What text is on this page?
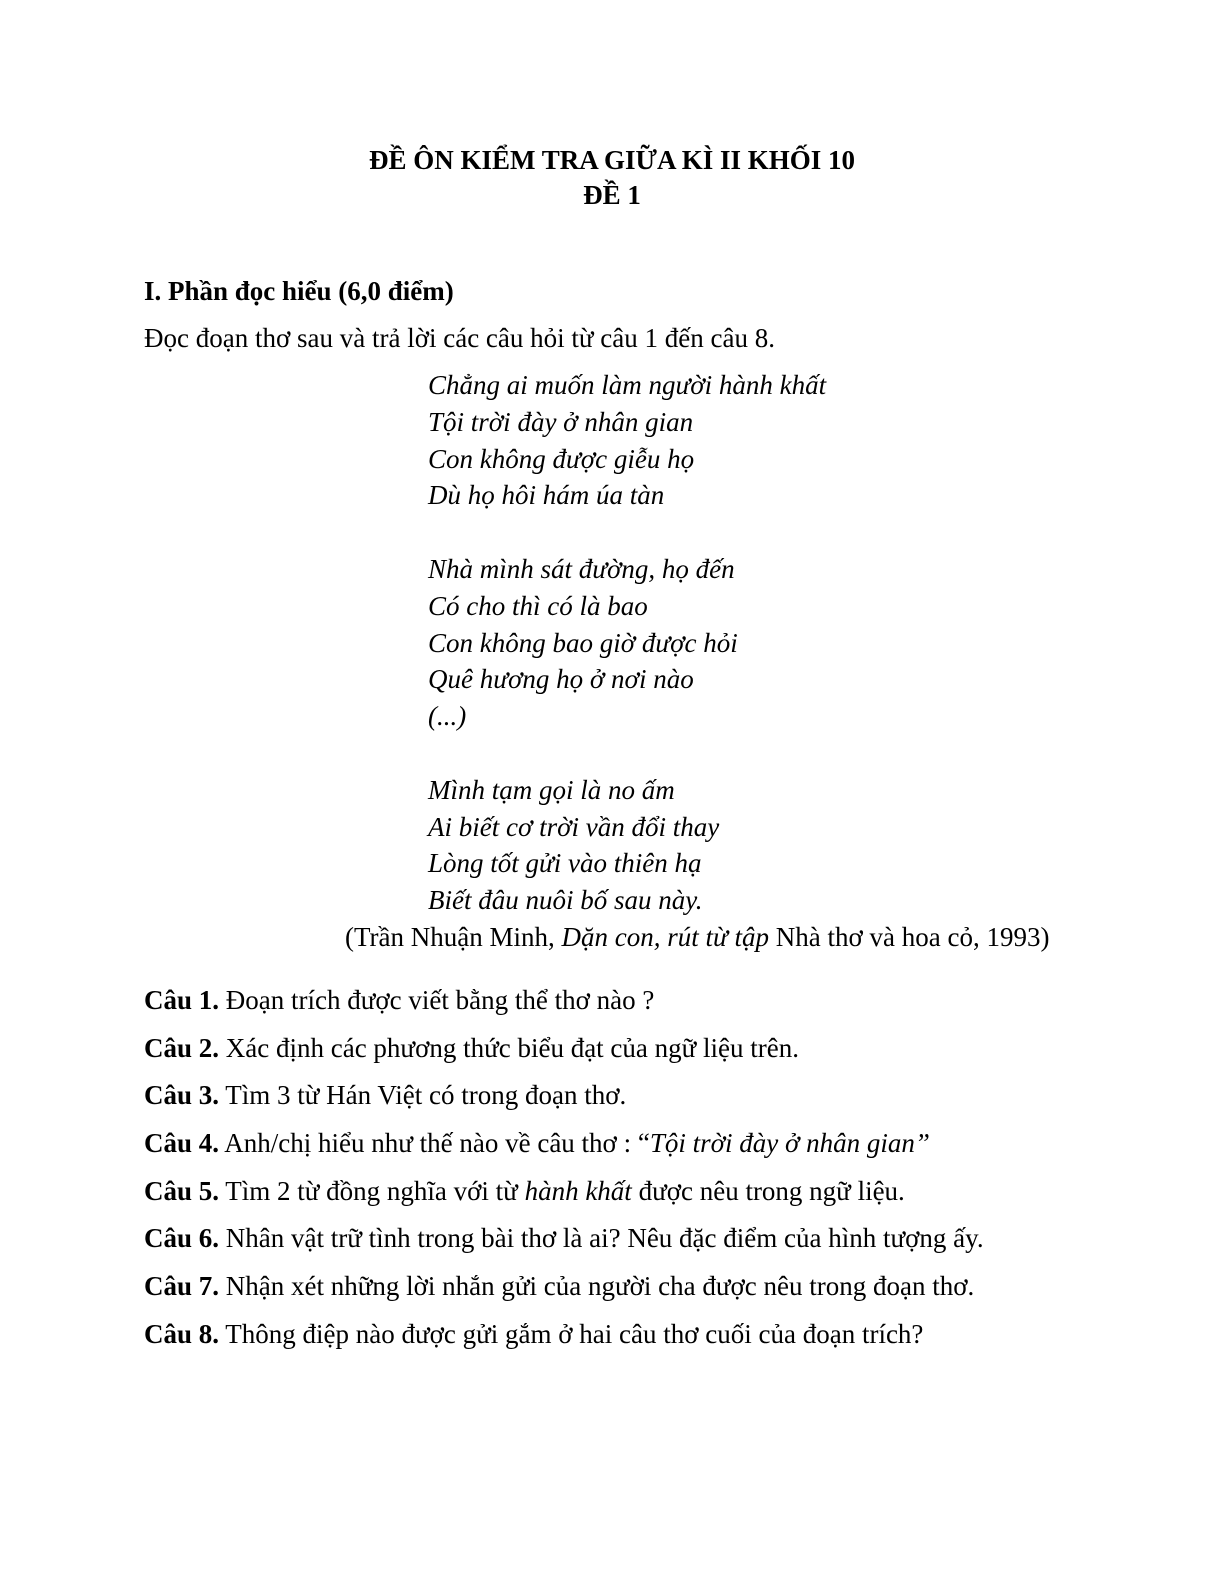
ĐỀ ÔN KIỂM TRA GIỮA KÌ II KHỐI 10
ĐỀ 1
I. Phần đọc hiểu (6,0 điểm)
Đọc đoạn thơ sau và trả lời các câu hỏi từ câu 1 đến câu 8.
Chẳng ai muốn làm người hành khất
Tội trời đày ở nhân gian
Con không được giễu họ
Dù họ hôi hám úa tàn
Nhà mình sát đường, họ đến
Có cho thì có là bao
Con không bao giờ được hỏi
Quê hương họ ở nơi nào
(...)
Mình tạm gọi là no ấm
Ai biết cơ trời vần đổi thay
Lòng tốt gửi vào thiên hạ
Biết đâu nuôi bố sau này.
(Trần Nhuận Minh, Dặn con, rút từ tập Nhà thơ và hoa cỏ, 1993)
Câu 1. Đoạn trích được viết bằng thể thơ nào ?
Câu 2. Xác định các phương thức biểu đạt của ngữ liệu trên.
Câu 3. Tìm 3 từ Hán Việt có trong đoạn thơ.
Câu 4. Anh/chị hiểu như thế nào về câu thơ : “Tội trời đày ở nhân gian”
Câu 5. Tìm 2 từ đồng nghĩa với từ hành khất được nêu trong ngữ liệu.
Câu 6. Nhân vật trữ tình trong bài thơ là ai? Nêu đặc điểm của hình tượng ấy.
Câu 7. Nhận xét những lời nhắn gửi của người cha được nêu trong đoạn thơ.
Câu 8. Thông điệp nào được gửi gắm ở hai câu thơ cuối của đoạn trích?
